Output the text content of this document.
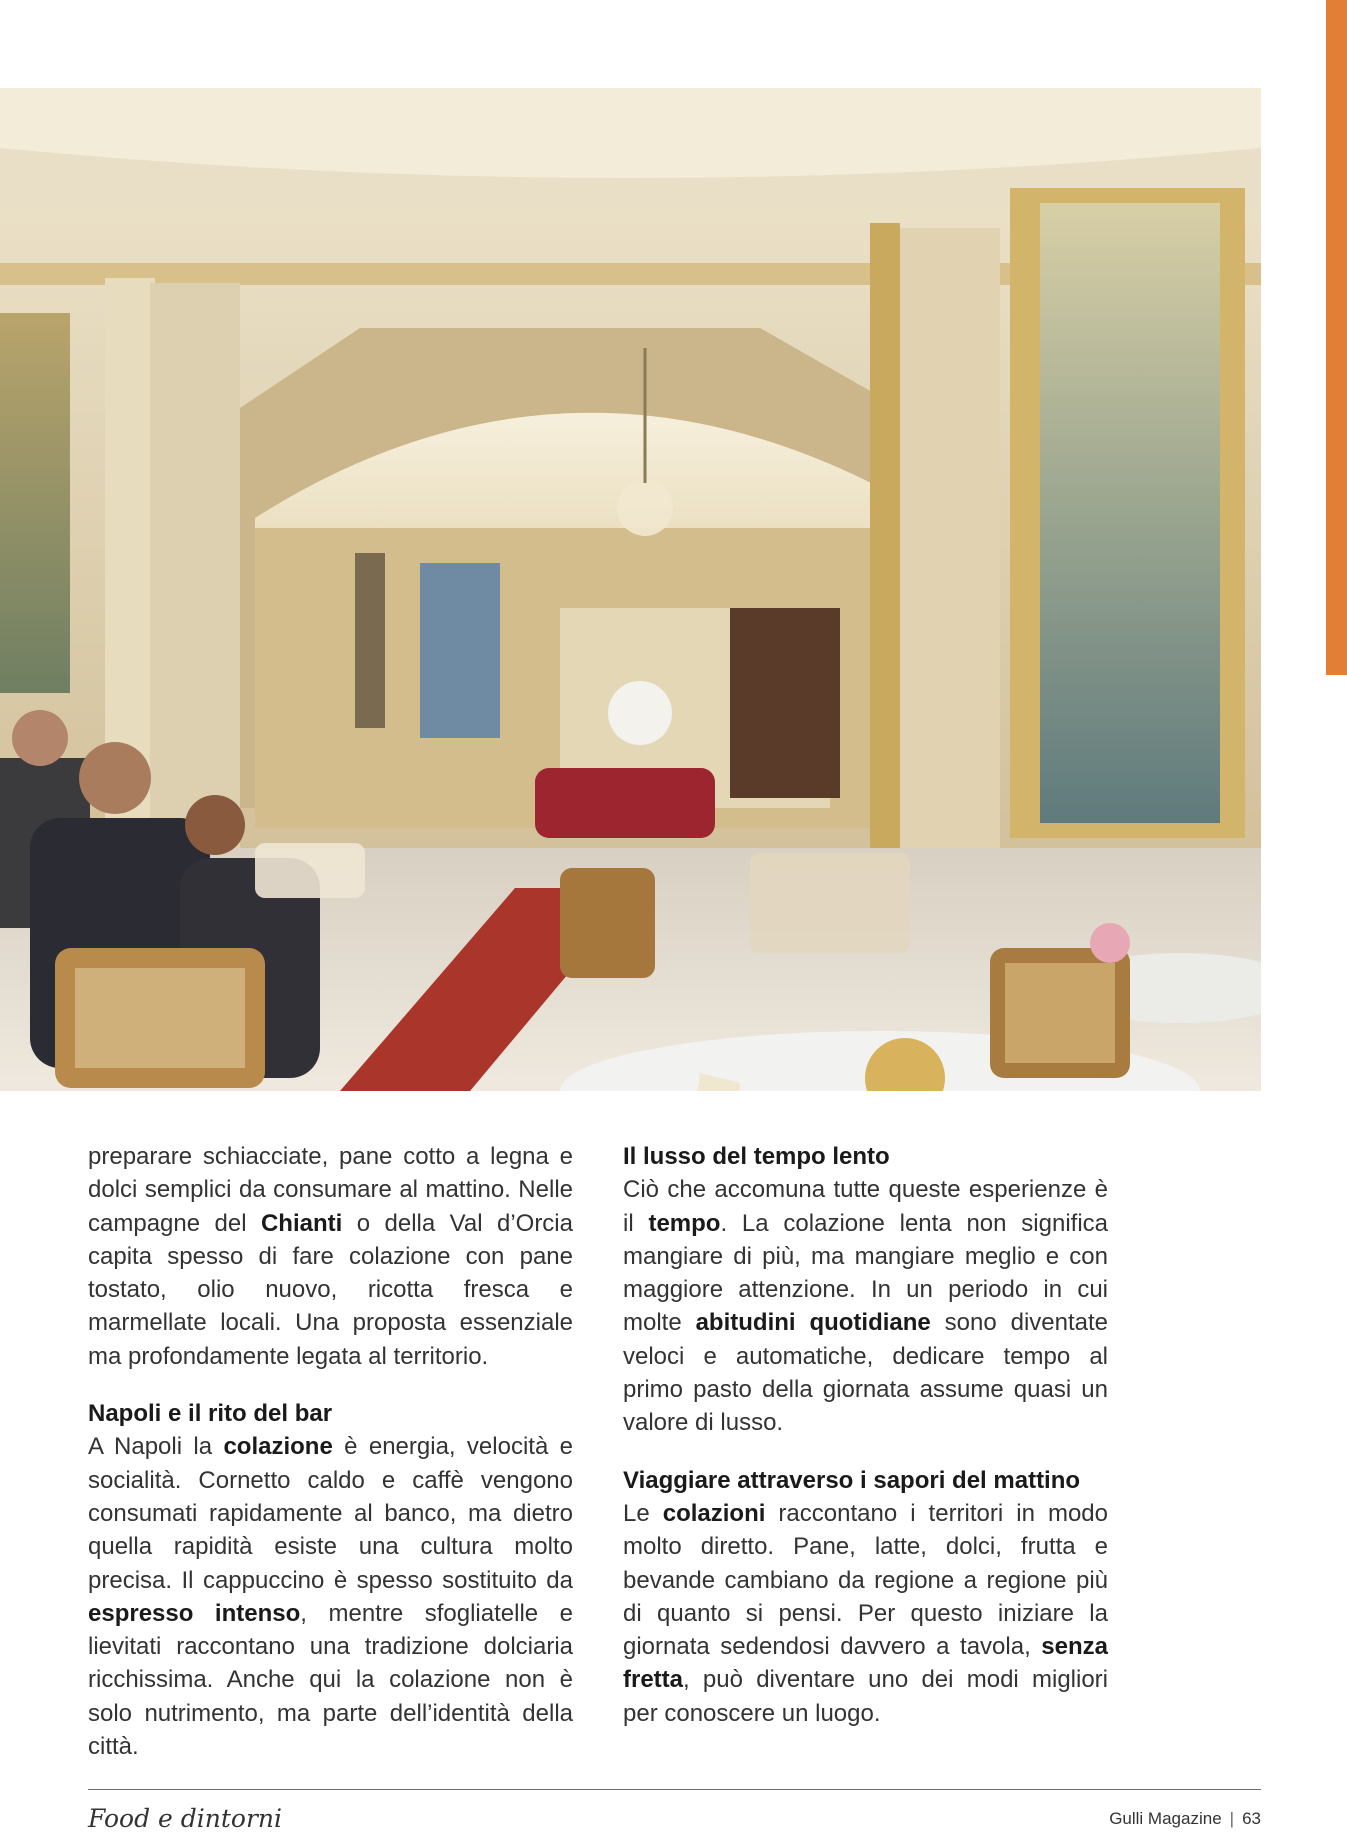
preparare schiacciate, pane cotto a legna e dolci semplici da consumare al mattino. Nelle campagne del Chianti o della Val d’Orcia capita spesso di fare colazione con pane tostato, olio nuovo, ricotta fresca e marmellate locali. Una proposta essenziale ma profondamente legata al territorio.

Napoli e il rito del bar

A Napoli la colazione è energia, velocità e socialità. Cornetto caldo e caffè vengono consumati rapidamente al banco, ma dietro quella rapidità esiste una cultura molto precisa. Il cappuccino è spesso sostituito da espresso intenso, mentre sfogliatelle e lievitati raccontano una tradizione dolciaria ricchissima. Anche qui la colazione non è solo nutrimento, ma parte dell’identità della città.

Il lusso del tempo lento

Ciò che accomuna tutte queste esperienze è il tempo. La colazione lenta non significa mangiare di più, ma mangiare meglio e con maggiore attenzione. In un periodo in cui molte abitudini quotidiane sono diventate veloci e automatiche, dedicare tempo al primo pasto della giornata assume quasi un valore di lusso.

Viaggiare attraverso i sapori del mattino

Le colazioni raccontano i territori in modo molto diretto. Pane, latte, dolci, frutta e bevande cambiano da regione a regione più di quanto si pensi. Per questo iniziare la giornata sedendosi davvero a tavola, senza fretta, può diventare uno dei modi migliori per conoscere un luogo.

Food e dintorni	Gulli Magazine | 63
